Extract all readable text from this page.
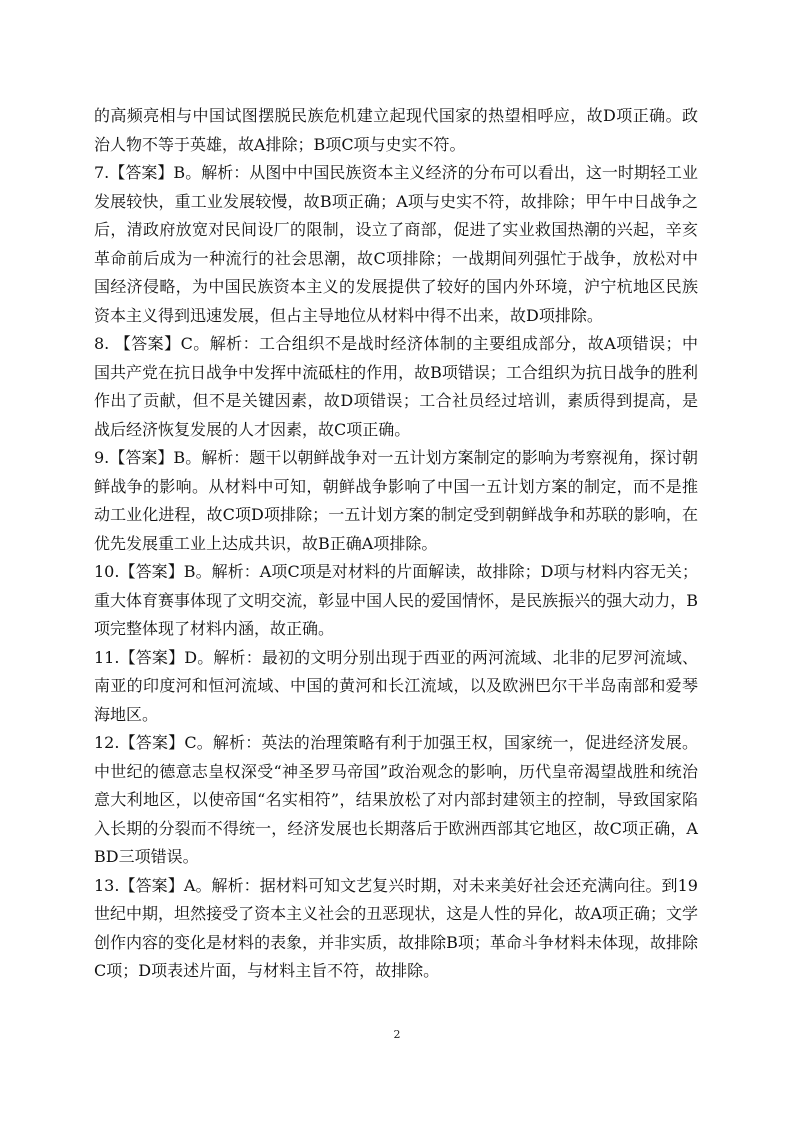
的高频亮相与中国试图摆脱民族危机建立起现代国家的热望相呼应，故D项正确。政治人物不等于英雄，故A排除；B项C项与史实不符。

7.【答案】B。解析：从图中中国民族资本主义经济的分布可以看出，这一时期轻工业发展较快，重工业发展较慢，故B项正确；A项与史实不符，故排除；甲午中日战争之后，清政府放宽对民间设厂的限制，设立了商部，促进了实业救国热潮的兴起，辛亥革命前后成为一种流行的社会思潮，故C项排除；一战期间列强忙于战争，放松对中国经济侵略，为中国民族资本主义的发展提供了较好的国内外环境，沪宁杭地区民族资本主义得到迅速发展，但占主导地位从材料中得不出来，故D项排除。

8. 【答案】C。解析：工合组织不是战时经济体制的主要组成部分，故A项错误；中国共产党在抗日战争中发挥中流砥柱的作用，故B项错误；工合组织为抗日战争的胜利作出了贡献，但不是关键因素，故D项错误；工合社员经过培训，素质得到提高，是战后经济恢复发展的人才因素，故C项正确。

9.【答案】B。解析：题干以朝鲜战争对一五计划方案制定的影响为考察视角，探讨朝鲜战争的影响。从材料中可知，朝鲜战争影响了中国一五计划方案的制定，而不是推动工业化进程，故C项D项排除；一五计划方案的制定受到朝鲜战争和苏联的影响，在优先发展重工业上达成共识，故B正确A项排除。

10.【答案】B。解析：A项C项是对材料的片面解读，故排除；D项与材料内容无关；重大体育赛事体现了文明交流，彰显中国人民的爱国情怀，是民族振兴的强大动力，B项完整体现了材料内涵，故正确。

11.【答案】D。解析：最初的文明分别出现于西亚的两河流域、北非的尼罗河流域、南亚的印度河和恒河流域、中国的黄河和长江流域，以及欧洲巴尔干半岛南部和爱琴海地区。

12.【答案】C。解析：英法的治理策略有利于加强王权，国家统一，促进经济发展。中世纪的德意志皇权深受“神圣罗马帝国”政治观念的影响，历代皇帝渴望战胜和统治意大利地区，以使帝国“名实相符”，结果放松了对内部封建领主的控制，导致国家陷入长期的分裂而不得统一，经济发展也长期落后于欧洲西部其它地区，故C项正确，ABD三项错误。

13.【答案】A。解析：据材料可知文艺复兴时期，对未来美好社会还充满向往。到19世纪中期，坦然接受了资本主义社会的丑恶现状，这是人性的异化，故A项正确；文学创作内容的变化是材料的表象，并非实质，故排除B项；革命斗争材料未体现，故排除C项；D项表述片面，与材料主旨不符，故排除。

2
